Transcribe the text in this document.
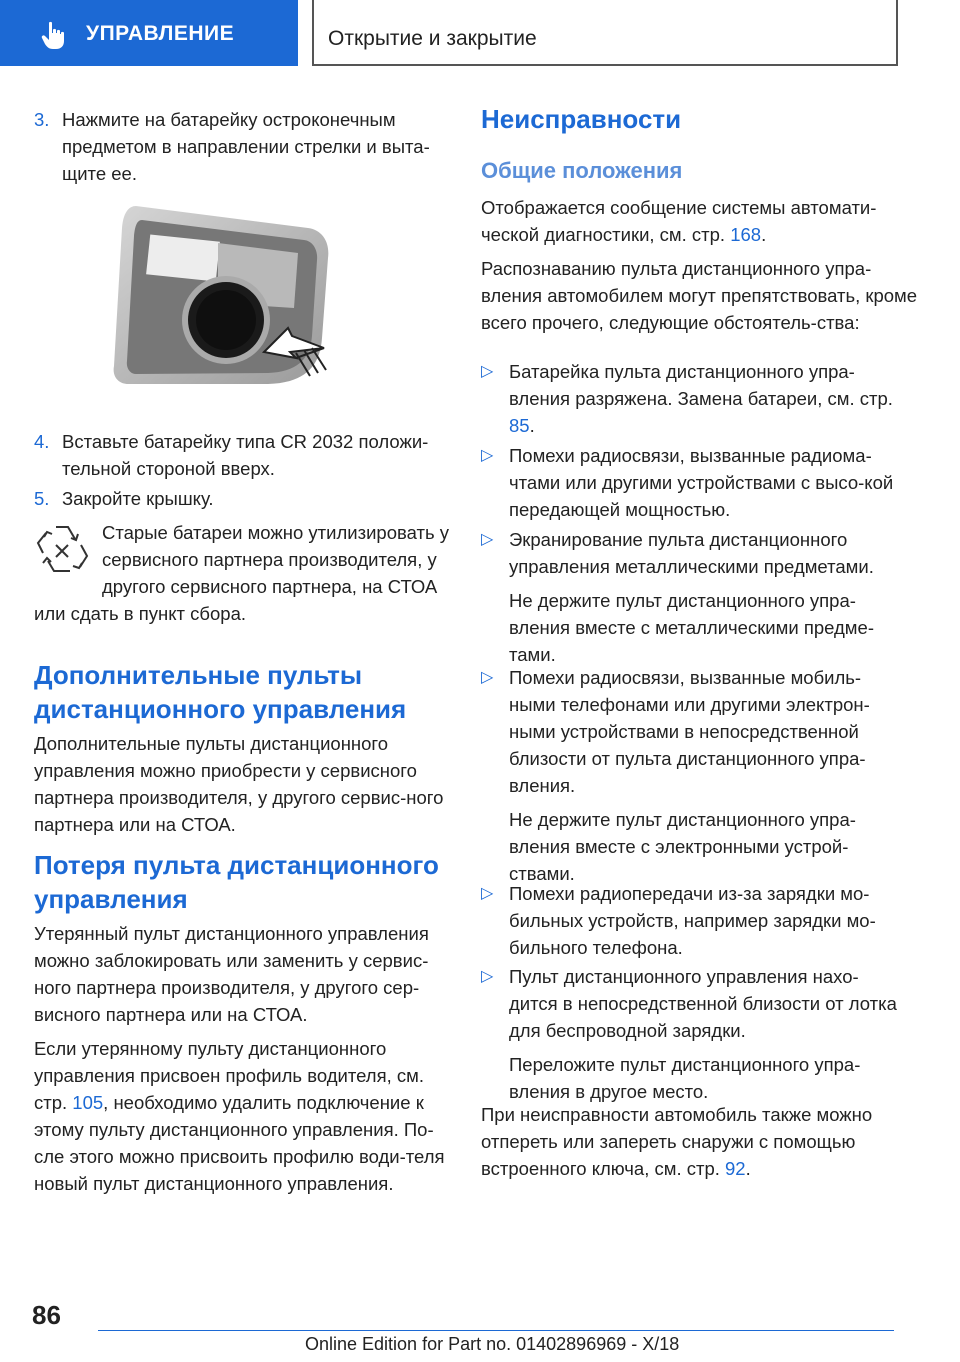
УПРАВЛЕНИЕ	Открытие и закрытие
3. Нажмите на батарейку остроконечным предметом в направлении стрелки и выта‐щите ее.
4. Вставьте батарейку типа CR 2032 положи‐тельной стороной вверх.
5. Закройте крышку.
Старые батареи можно утилизировать у сервисного партнера производителя, у другого сервисного партнера, на СТОА или сдать в пункт сбора.
Дополнительные пульты дистанционного управления
Дополнительные пульты дистанционного управления можно приобрести у сервисного партнера производителя, у другого сервис‐ного партнера или на СТОА.
Потеря пульта дистанционного управления
Утерянный пульт дистанционного управления можно заблокировать или заменить у сервис‐ного партнера производителя, у другого сер‐висного партнера или на СТОА.
Если утерянному пульту дистанционного управления присвоен профиль водителя, см. стр. 105, необходимо удалить подключение к этому пульту дистанционного управления. По‐сле этого можно присвоить профилю води‐теля новый пульт дистанционного управления.
Неисправности
Общие положения
Отображается сообщение системы автомати‐ческой диагностики, см. стр. 168.
Распознаванию пульта дистанционного упра‐вления автомобилем могут препятствовать, кроме всего прочего, следующие обстоятель‐ства:
▷ Батарейка пульта дистанционного упра‐вления разряжена. Замена батареи, см. стр. 85.
▷ Помехи радиосвязи, вызванные радиома‐чтами или другими устройствами с высо‐кой передающей мощностью.
▷ Экранирование пульта дистанционного управления металлическими предметами.
Не держите пульт дистанционного упра‐вления вместе с металлическими предме‐тами.
▷ Помехи радиосвязи, вызванные мобиль‐ными телефонами или другими электрон‐ными устройствами в непосредственной близости от пульта дистанционного упра‐вления.
Не держите пульт дистанционного упра‐вления вместе с электронными устрой‐ствами.
▷ Помехи радиопередачи из-за зарядки мо‐бильных устройств, например зарядки мо‐бильного телефона.
▷ Пульт дистанционного управления нахо‐дится в непосредственной близости от лотка для беспроводной зарядки.
Переложите пульт дистанционного упра‐вления в другое место.
При неисправности автомобиль также можно отпереть или запереть снаружи с помощью встроенного ключа, см. стр. 92.
86
Online Edition for Part no. 01402896969 - X/18
